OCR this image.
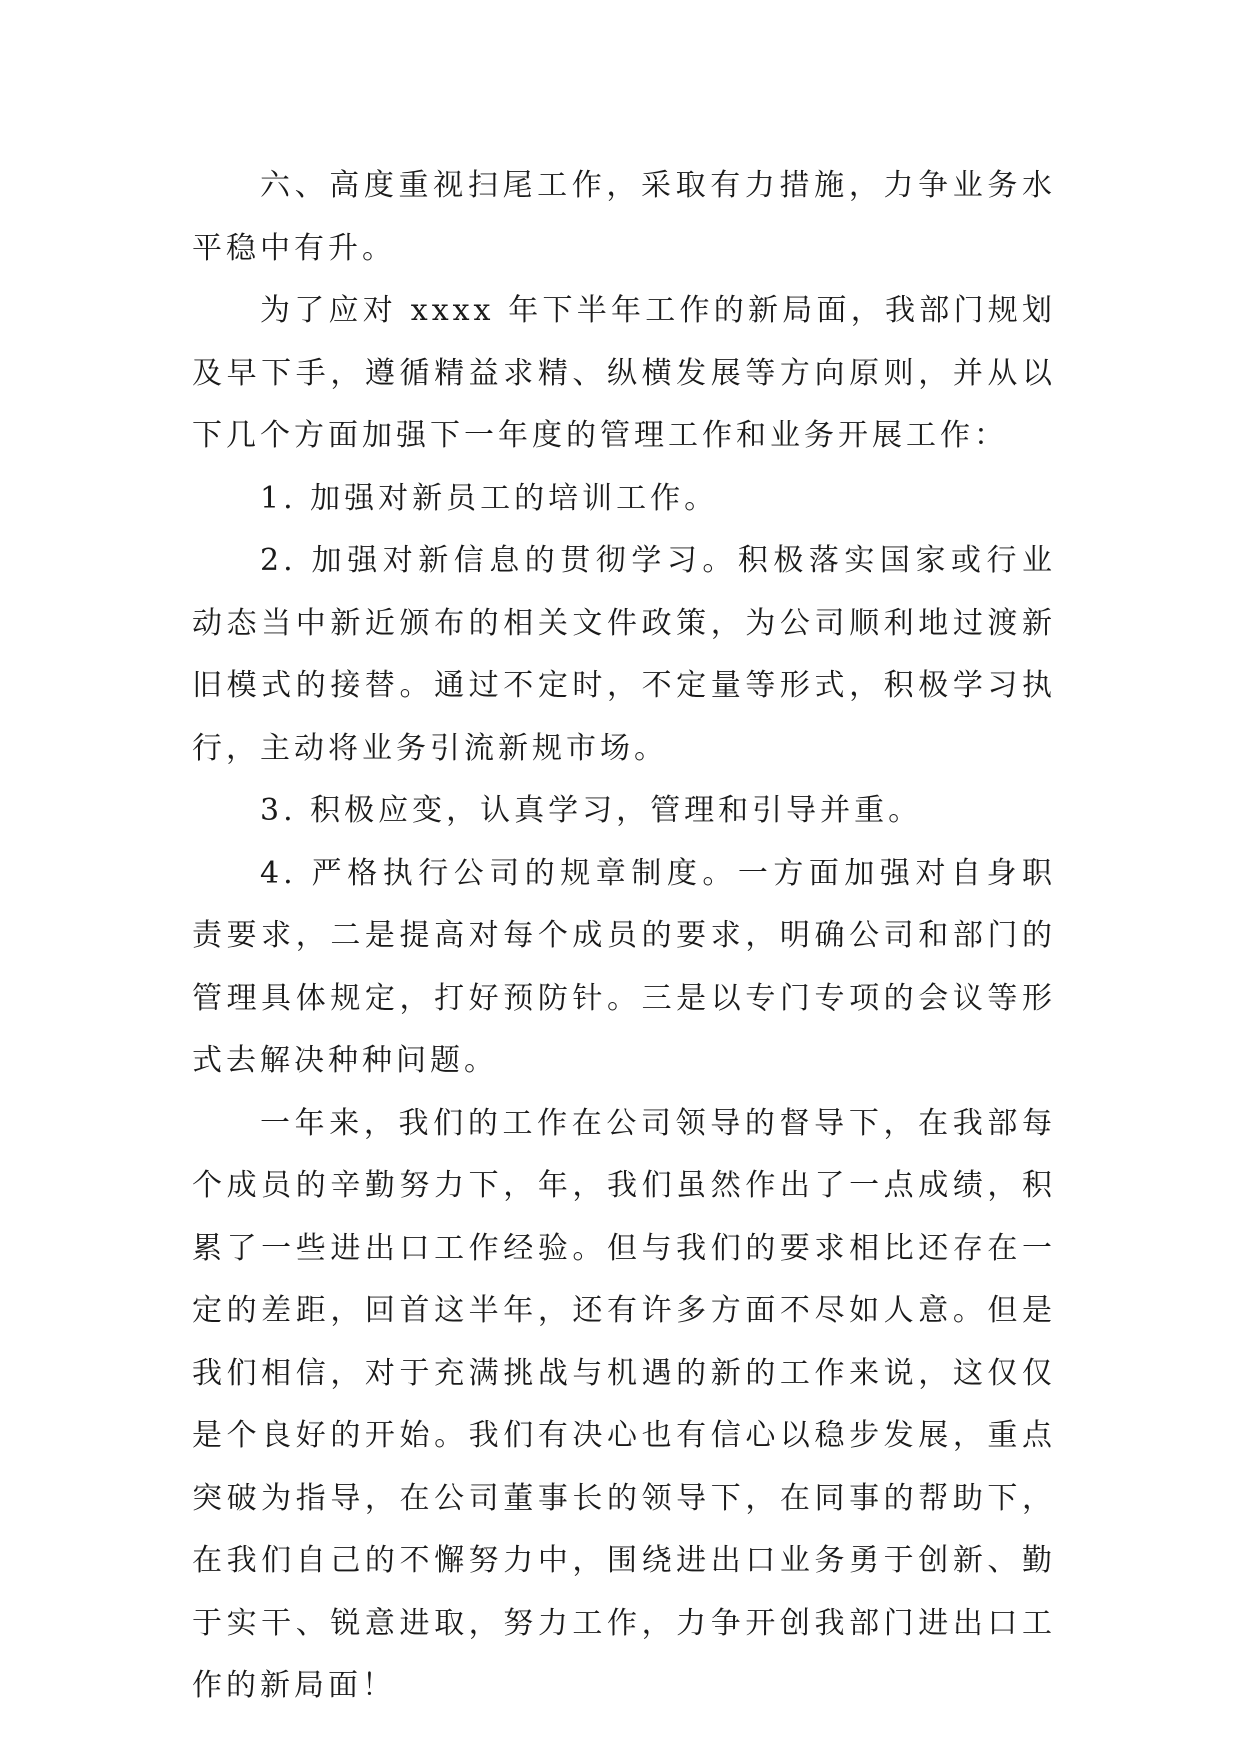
六、高度重视扫尾工作，采取有力措施，力争业务水平稳中有升。

为了应对 xxxx 年下半年工作的新局面，我部门规划及早下手，遵循精益求精、纵横发展等方向原则，并从以下几个方面加强下一年度的管理工作和业务开展工作：

1. 加强对新员工的培训工作。

2. 加强对新信息的贯彻学习。积极落实国家或行业动态当中新近颁布的相关文件政策，为公司顺利地过渡新旧模式的接替。通过不定时，不定量等形式，积极学习执行，主动将业务引流新规市场。

3. 积极应变，认真学习，管理和引导并重。

4. 严格执行公司的规章制度。一方面加强对自身职责要求，二是提高对每个成员的要求，明确公司和部门的管理具体规定，打好预防针。三是以专门专项的会议等形式去解决种种问题。

一年来，我们的工作在公司领导的督导下，在我部每个成员的辛勤努力下，年，我们虽然作出了一点成绩，积累了一些进出口工作经验。但与我们的要求相比还存在一定的差距，回首这半年，还有许多方面不尽如人意。但是我们相信，对于充满挑战与机遇的新的工作来说，这仅仅是个良好的开始。我们有决心也有信心以稳步发展，重点突破为指导，在公司董事长的领导下，在同事的帮助下，在我们自己的不懈努力中，围绕进出口业务勇于创新、勤于实干、锐意进取，努力工作，力争开创我部门进出口工作的新局面！
